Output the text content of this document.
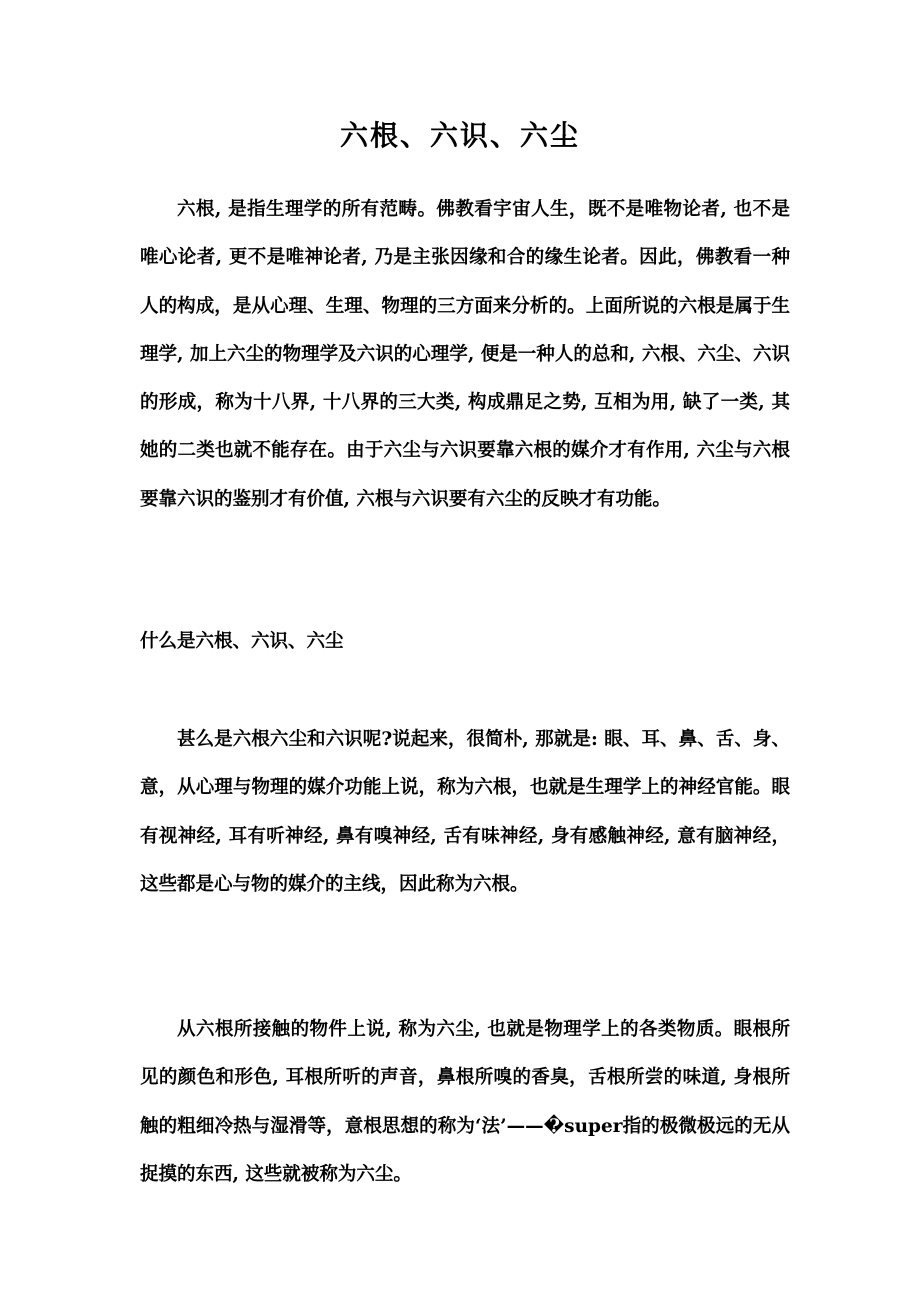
六根、六识、六尘

六根, 是指生理学的所有范畴。佛教看宇宙人生，既不是唯物论者, 也不是唯心论者, 更不是唯神论者, 乃是主张因缘和合的缘生论者。因此，佛教看一种人的构成，是从心理、生理、物理的三方面来分析的。上面所说的六根是属于生理学, 加上六尘的物理学及六识的心理学, 便是一种人的总和, 六根、六尘、六识的形成，称为十八界, 十八界的三大类, 构成鼎足之势, 互相为用, 缺了一类, 其她的二类也就不能存在。由于六尘与六识要靠六根的媒介才有作用, 六尘与六根要靠六识的鉴别才有价值, 六根与六识要有六尘的反映才有功能。

什么是六根、六识、六尘

甚么是六根六尘和六识呢?说起来，很简朴, 那就是: 眼、耳、鼻、舌、身、意，从心理与物理的媒介功能上说，称为六根，也就是生理学上的神经官能。眼有视神经, 耳有听神经, 鼻有嗅神经, 舌有味神经, 身有感触神经, 意有脑神经，这些都是心与物的媒介的主线，因此称为六根。

从六根所接触的物件上说, 称为六尘, 也就是物理学上的各类物质。眼根所见的颜色和形色, 耳根所听的声音，鼻根所嗅的香臭，舌根所尝的味道, 身根所触的粗细冷热与湿滑等，意根思想的称为‘法’——�super指的极微极远的无从捉摸的东西, 这些就被称为六尘。
